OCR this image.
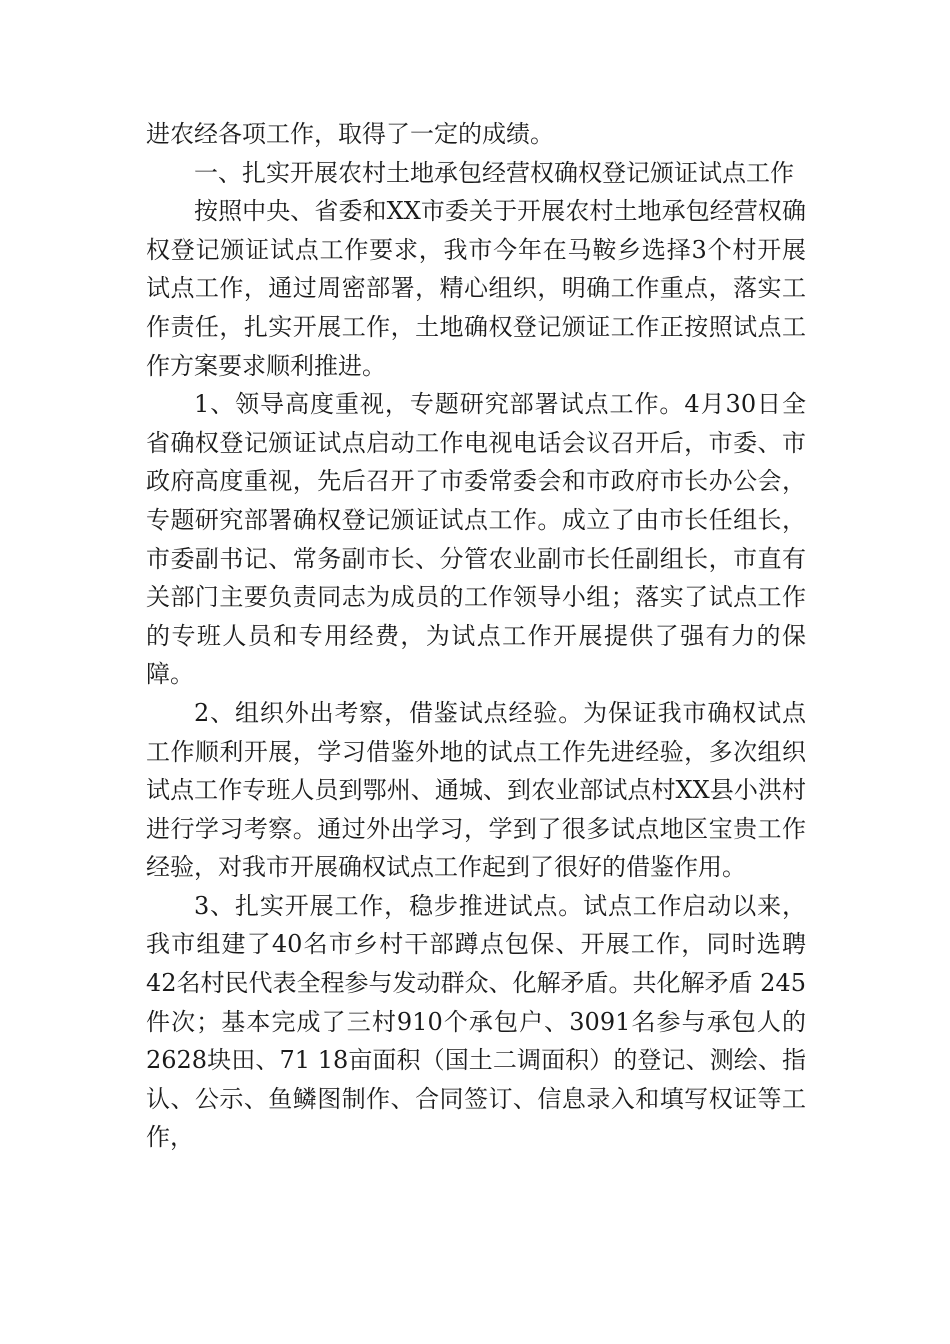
进农经各项工作，取得了一定的成绩。

一、扎实开展农村土地承包经营权确权登记颁证试点工作

按照中央、省委和XX市委关于开展农村土地承包经营权确权登记颁证试点工作要求，我市今年在马鞍乡选择3个村开展试点工作，通过周密部署，精心组织，明确工作重点，落实工作责任，扎实开展工作，土地确权登记颁证工作正按照试点工作方案要求顺利推进。

1、领导高度重视，专题研究部署试点工作。4月30日全省确权登记颁证试点启动工作电视电话会议召开后，市委、市政府高度重视，先后召开了市委常委会和市政府市长办公会，专题研究部署确权登记颁证试点工作。成立了由市长任组长，市委副书记、常务副市长、分管农业副市长任副组长，市直有关部门主要负责同志为成员的工作领导小组；落实了试点工作的专班人员和专用经费，为试点工作开展提供了强有力的保障。

2、组织外出考察，借鉴试点经验。为保证我市确权试点工作顺利开展，学习借鉴外地的试点工作先进经验，多次组织试点工作专班人员到鄂州、通城、到农业部试点村XX县小洪村进行学习考察。通过外出学习，学到了很多试点地区宝贵工作经验，对我市开展确权试点工作起到了很好的借鉴作用。

3、扎实开展工作，稳步推进试点。试点工作启动以来，我市组建了40名市乡村干部蹲点包保、开展工作，同时选聘42名村民代表全程参与发动群众、化解矛盾。共化解矛盾 245件次；基本完成了三村910个承包户、3091名参与承包人的2628块田、71 18亩面积（国土二调面积）的登记、测绘、指认、公示、鱼鳞图制作、合同签订、信息录入和填写权证等工作，
